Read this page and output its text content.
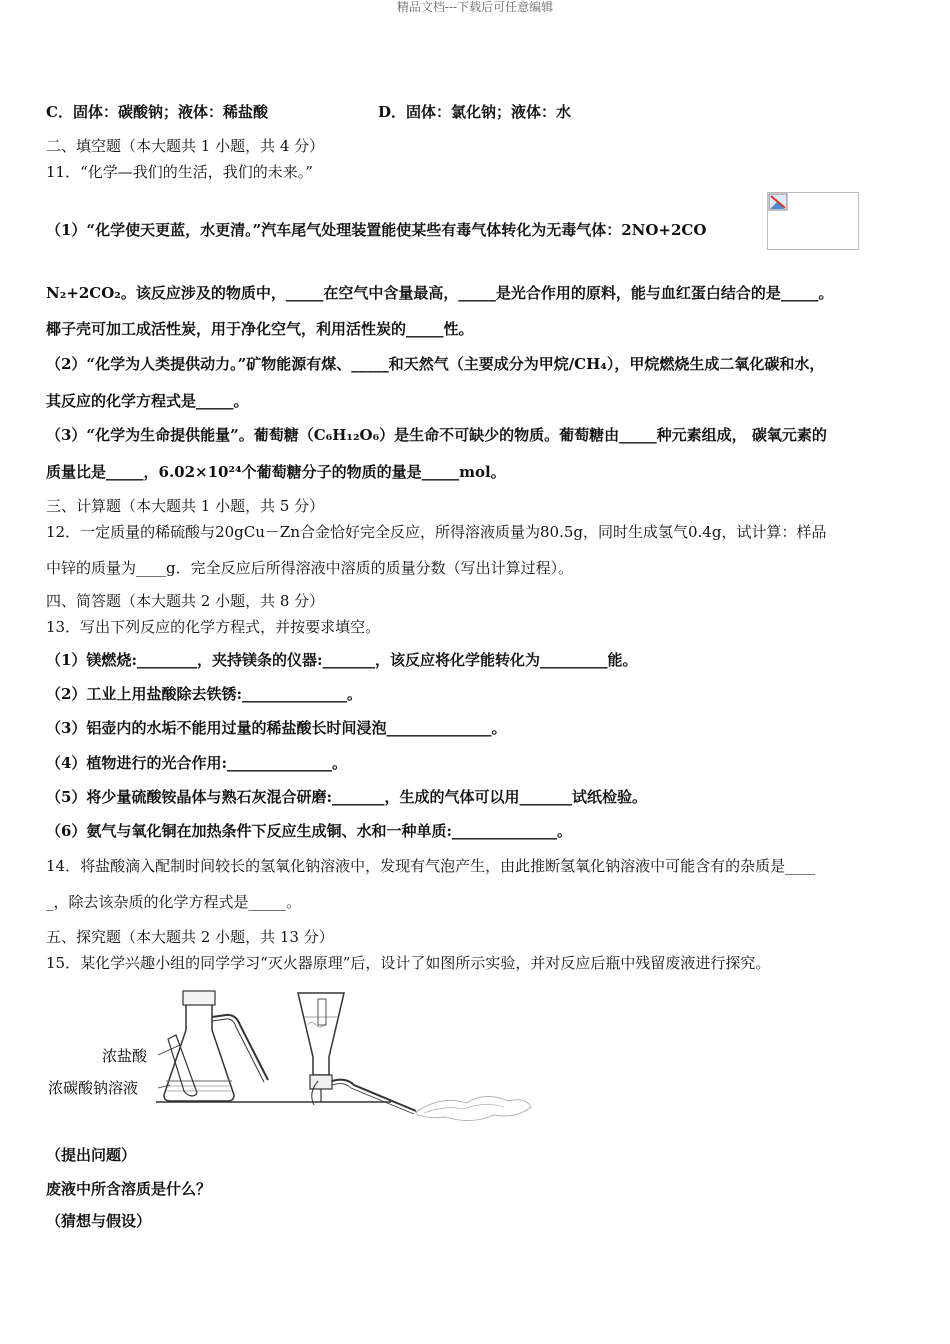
精品文档---下载后可任意编辑
C．固体：碳酸钠；液体：稀盐酸	D．固体：氯化钠；液体：水
二、填空题（本大题共 1 小题，共 4 分）
11．“化学—我们的生活，我们的未来。”
（1）“化学使天更蓝，水更清。”汽车尾气处理装置能使某些有毒气体转化为无毒气体：2NO+2CO
N₂+2CO₂。该反应涉及的物质中，_____在空气中含量最高，_____是光合作用的原料，能与血红蛋白结合的是_____。
椰子壳可加工成活性炭，用于净化空气，利用活性炭的_____性。
（2）“化学为人类提供动力。”矿物能源有煤、_____和天然气（主要成分为甲烷/CH₄），甲烷燃烧生成二氧化碳和水，
其反应的化学方程式是_____。
（3）“化学为生命提供能量”。葡萄糖（C₆H₁₂O₆）是生命不可缺少的物质。葡萄糖由_____种元素组成， 碳氧元素的
质量比是_____，6.02×10²⁴个葡萄糖分子的物质的量是_____mol。
三、计算题（本大题共 1 小题，共 5 分）
12．一定质量的稀硫酸与20gCu－Zn合金恰好完全反应，所得溶液质量为80.5g，同时生成氢气0.4g，试计算：样品
中锌的质量为____g．完全反应后所得溶液中溶质的质量分数（写出计算过程）。
四、简答题（本大题共 2 小题，共 8 分）
13．写出下列反应的化学方程式，并按要求填空。
（1）镁燃烧:________，夹持镁条的仪器:_______，该反应将化学能转化为_________能。
（2）工业上用盐酸除去铁锈:______________。
（3）铝壶内的水垢不能用过量的稀盐酸长时间浸泡______________。
（4）植物进行的光合作用:______________。
（5）将少量硫酸铵晶体与熟石灰混合研磨:_______，生成的气体可以用_______试纸检验。
（6）氨气与氧化铜在加热条件下反应生成铜、水和一种单质:______________。
14．将盐酸滴入配制时间较长的氢氧化钠溶液中，发现有气泡产生，由此推断氢氧化钠溶液中可能含有的杂质是____
_，除去该杂质的化学方程式是_____。
五、探究题（本大题共 2 小题，共 13 分）
15．某化学兴趣小组的同学学习“灭火器原理”后，设计了如图所示实验，并对反应后瓶中残留废液进行探究。
浓盐酸
浓碳酸钠溶液
（提出问题）
废液中所含溶质是什么？
（猜想与假设）
